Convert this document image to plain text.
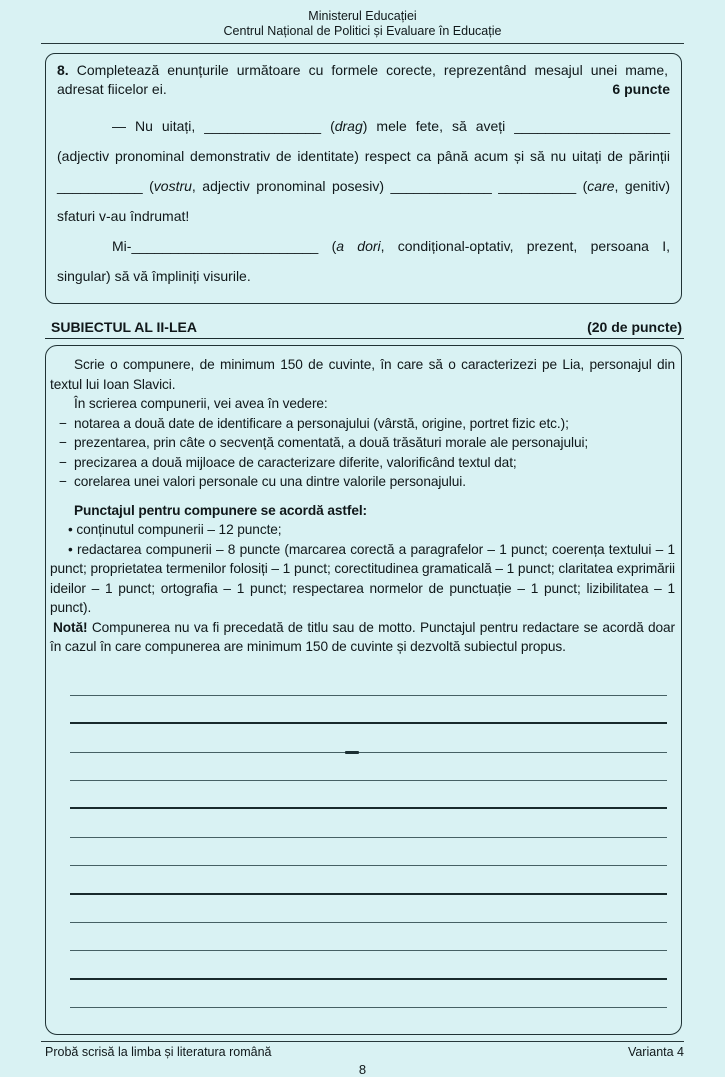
Ministerul Educației
Centrul Național de Politici și Evaluare în Educație
8. Completează enunțurile următoare cu formele corecte, reprezentând mesajul unei mame, adresat fiicelor ei.	6 puncte

— Nu uitați, _______________ (drag) mele fete, să aveți ____________________ (adjectiv pronominal demonstrativ de identitate) respect ca până acum și să nu uitați de părinții ___________ (vostru, adjectiv pronominal posesiv) _____________ __________ (care, genitiv) sfaturi v-au îndrumat!

Mi-________________________ (a dori, condițional-optativ, prezent, persoana I, singular) să vă împliniți visurile.

SUBIECTUL AL II-LEA	(20 de puncte)

Scrie o compunere, de minimum 150 de cuvinte, în care să o caracterizezi pe Lia, personajul din textul lui Ioan Slavici.

În scrierea compunerii, vei avea în vedere:

− notarea a două date de identificare a personajului (vârstă, origine, portret fizic etc.);
− prezentarea, prin câte o secvență comentată, a două trăsături morale ale personajului;
− precizarea a două mijloace de caracterizare diferite, valorificând textul dat;
− corelarea unei valori personale cu una dintre valorile personajului.

Punctajul pentru compunere se acordă astfel:

• conținutul compunerii – 12 puncte;

• redactarea compunerii – 8 puncte (marcarea corectă a paragrafelor – 1 punct; coerența textului – 1 punct; proprietatea termenilor folosiți – 1 punct; corectitudinea gramaticală – 1 punct; claritatea exprimării ideilor – 1 punct; ortografia – 1 punct; respectarea normelor de punctuație – 1 punct; lizibilitatea – 1 punct).

Notă! Compunerea nu va fi precedată de titlu sau de motto. Punctajul pentru redactare se acordă doar în cazul în care compunerea are minimum 150 de cuvinte și dezvoltă subiectul propus.

Probă scrisă la limba și literatura română	Varianta 4
8
